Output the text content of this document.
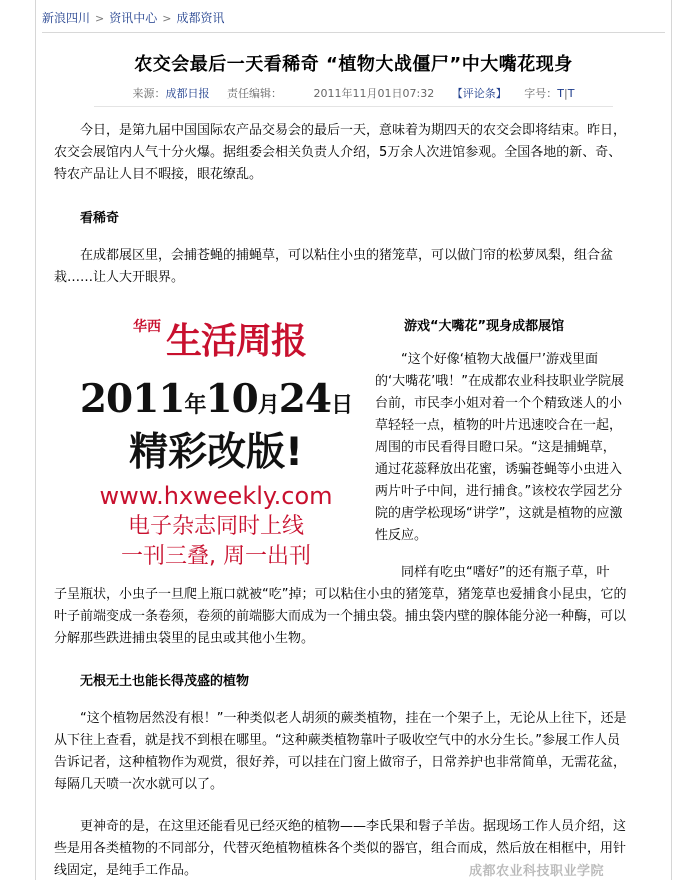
新浪四川 > 资讯中心 > 成都资讯
农交会最后一天看稀奇 “植物大战僵尸”中大嘴花现身
来源：成都日报 责任编辑：	2011年11月01日07:32 【评论条】 字号：T|T

今日，是第九届中国国际农产品交易会的最后一天，意味着为期四天的农交会即将结束。昨日，农交会展馆内人气十分火爆。据组委会相关负责人介绍，5万余人次进馆参观。全国各地的新、奇、特农产品让人目不暇接，眼花缭乱。

看稀奇

在成都展区里，会捕苍蝇的捕蝇草，可以粘住小虫的猪笼草，可以做门帘的松萝凤梨，组合盆栽……让人大开眼界。

游戏“大嘴花”现身成都展馆
华西 生活周报
2011年10月24日
精彩改版!
www.hxweekly.com
电子杂志同时上线
一刊三叠, 周一出刊

“这个好像‘植物大战僵尸’游戏里面的‘大嘴花’哦！”在成都农业科技职业学院展台前，市民李小姐对着一个个精致迷人的小草轻轻一点，植物的叶片迅速咬合在一起，周围的市民看得目瞪口呆。“这是捕蝇草，通过花蕊释放出花蜜，诱骗苍蝇等小虫进入两片叶子中间，进行捕食。”该校农学园艺分院的唐学松现场“讲学”，这就是植物的应激性反应。

同样有吃虫“嗜好”的还有瓶子草，叶

子呈瓶状，小虫子一旦爬上瓶口就被“吃”掉；可以粘住小虫的猪笼草，猪笼草也爱捕食小昆虫，它的叶子前端变成一条卷须，卷须的前端膨大而成为一个捕虫袋。捕虫袋内壁的腺体能分泌一种酶，可以分解那些跌进捕虫袋里的昆虫或其他小生物。

无根无土也能长得茂盛的植物

“这个植物居然没有根！”一种类似老人胡须的蕨类植物，挂在一个架子上，无论从上往下，还是从下往上查看，就是找不到根在哪里。“这种蕨类植物靠叶子吸收空气中的水分生长。”参展工作人员告诉记者，这种植物作为观赏，很好养，可以挂在门窗上做帘子，日常养护也非常简单，无需花盆，每隔几天喷一次水就可以了。

更神奇的是，在这里还能看见已经灭绝的植物——李氏果和髫子羊齿。据现场工作人员介绍，这些是用各类植物的不同部分，代替灭绝植物植株各个类似的器官，组合而成，然后放在相框中，用针线固定，是纯手工作品。	成都农业科技职业学院
